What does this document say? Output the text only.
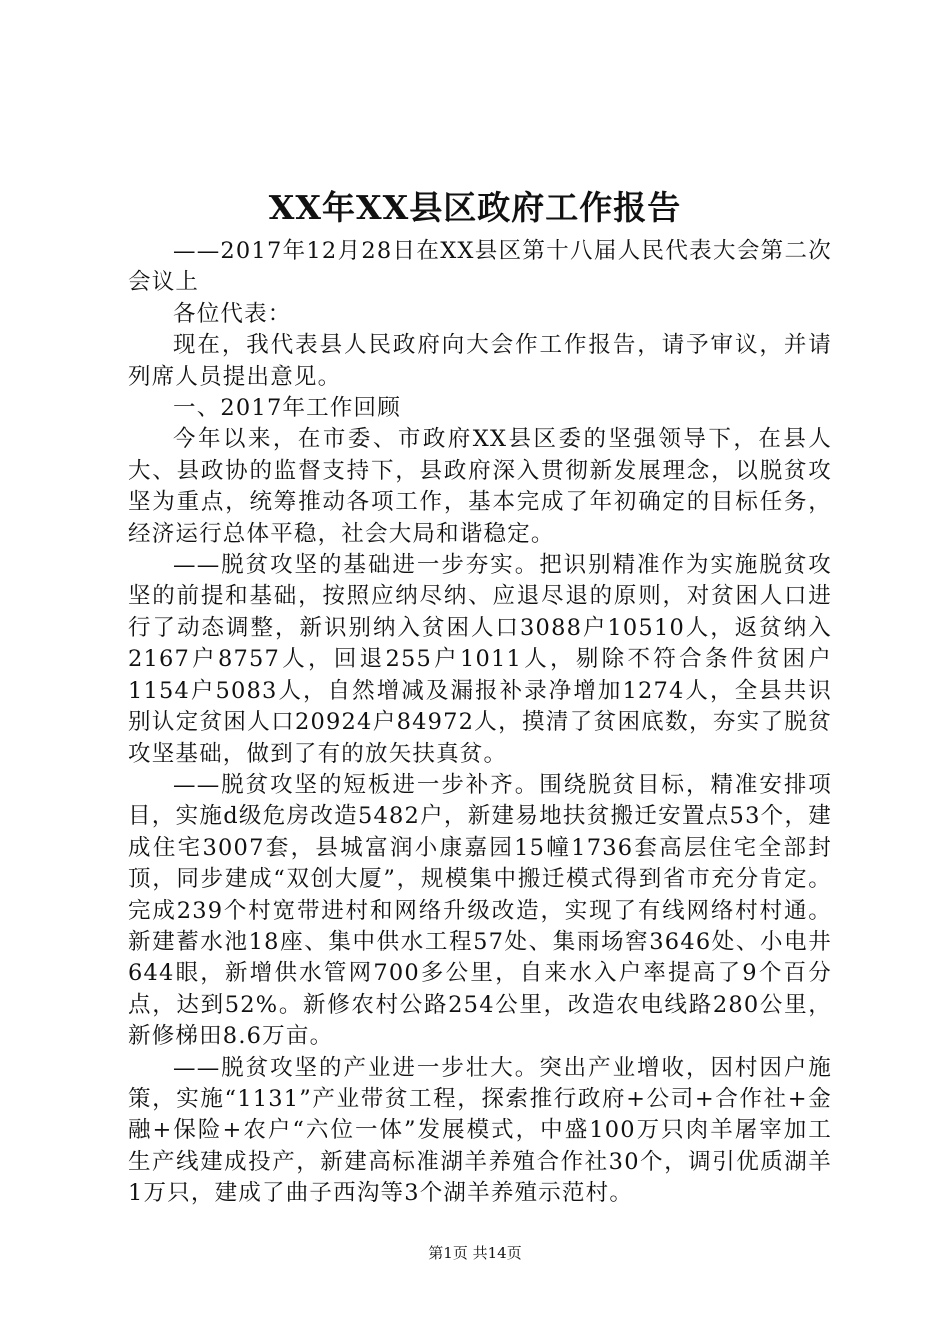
XX年XX县区政府工作报告

——2017年12月28日在XX县区第十八届人民代表大会第二次会议上

各位代表：

现在，我代表县人民政府向大会作工作报告，请予审议，并请列席人员提出意见。

一、2017年工作回顾

今年以来，在市委、市政府XX县区委的坚强领导下，在县人大、县政协的监督支持下，县政府深入贯彻新发展理念，以脱贫攻坚为重点，统筹推动各项工作，基本完成了年初确定的目标任务，经济运行总体平稳，社会大局和谐稳定。

——脱贫攻坚的基础进一步夯实。把识别精准作为实施脱贫攻坚的前提和基础，按照应纳尽纳、应退尽退的原则，对贫困人口进行了动态调整，新识别纳入贫困人口3088户10510人，返贫纳入2167户8757人，回退255户1011人，剔除不符合条件贫困户1154户5083人，自然增减及漏报补录净增加1274人，全县共识别认定贫困人口20924户84972人，摸清了贫困底数，夯实了脱贫攻坚基础，做到了有的放矢扶真贫。

——脱贫攻坚的短板进一步补齐。围绕脱贫目标，精准安排项目，实施d级危房改造5482户，新建易地扶贫搬迁安置点53个，建成住宅3007套，县城富润小康嘉园15幢1736套高层住宅全部封顶，同步建成“双创大厦”，规模集中搬迁模式得到省市充分肯定。完成239个村宽带进村和网络升级改造，实现了有线网络村村通。新建蓄水池18座、集中供水工程57处、集雨场窖3646处、小电井644眼，新增供水管网700多公里，自来水入户率提高了9个百分点，达到52%。新修农村公路254公里，改造农电线路280公里，新修梯田8.6万亩。

——脱贫攻坚的产业进一步壮大。突出产业增收，因村因户施策，实施“1131”产业带贫工程，探索推行政府+公司+合作社+金融+保险+农户“六位一体”发展模式，中盛100万只肉羊屠宰加工生产线建成投产，新建高标准湖羊养殖合作社30个，调引优质湖羊1万只，建成了曲子西沟等3个湖羊养殖示范村。

第1页 共14页
